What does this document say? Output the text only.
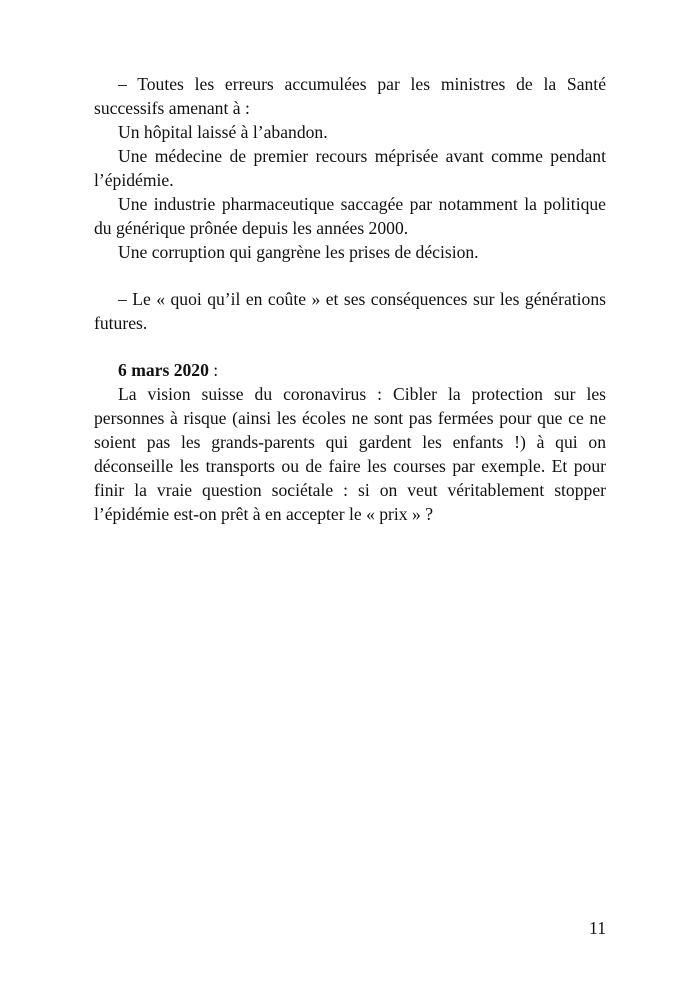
– Toutes les erreurs accumulées par les ministres de la Santé successifs amenant à :

Un hôpital laissé à l’abandon.

Une médecine de premier recours méprisée avant comme pendant l’épidémie.

Une industrie pharmaceutique saccagée par notamment la politique du générique prônée depuis les années 2000.

Une corruption qui gangrène les prises de décision.

– Le « quoi qu’il en coûte » et ses conséquences sur les générations futures.

6 mars 2020 :

La vision suisse du coronavirus : Cibler la protection sur les personnes à risque (ainsi les écoles ne sont pas fermées pour que ce ne soient pas les grands-parents qui gardent les enfants !) à qui on déconseille les transports ou de faire les courses par exemple. Et pour finir la vraie question sociétale : si on veut véritablement stopper l’épidémie est-on prêt à en accepter le « prix » ?

11
